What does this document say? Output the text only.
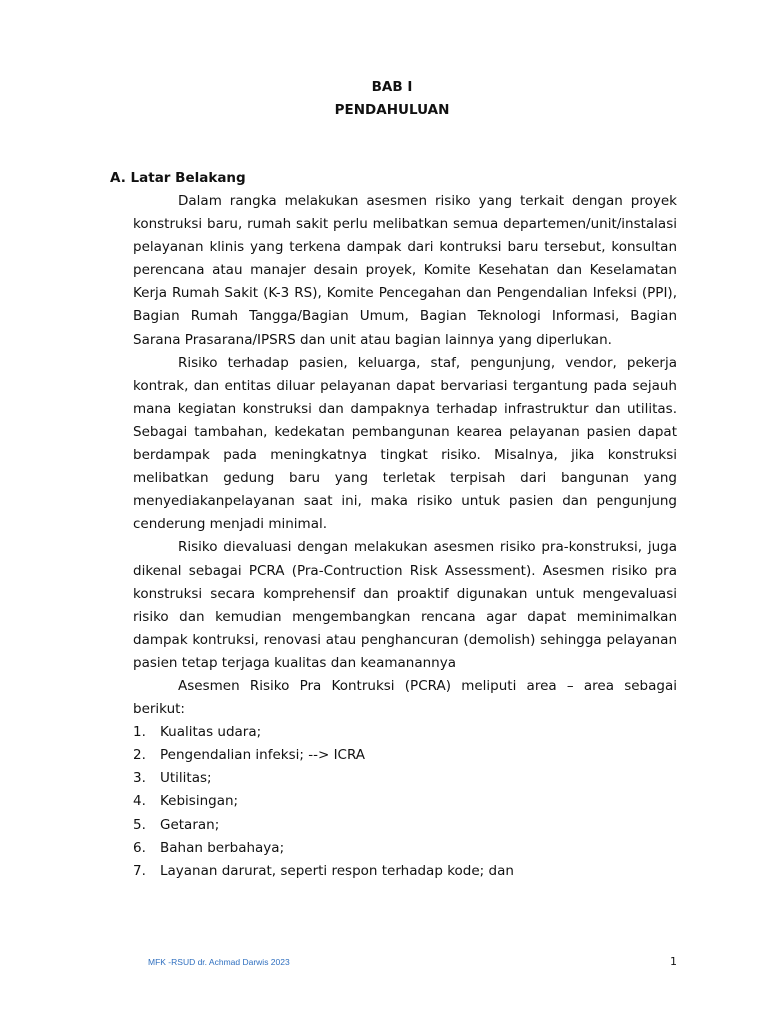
BAB I
PENDAHULUAN
A. Latar Belakang

Dalam rangka melakukan asesmen risiko yang terkait dengan proyek konstruksi baru, rumah sakit perlu melibatkan semua departemen/unit/instalasi pelayanan klinis yang terkena dampak dari kontruksi baru tersebut, konsultan perencana atau manajer desain proyek, Komite Kesehatan dan Keselamatan Kerja Rumah Sakit (K-3 RS), Komite Pencegahan dan Pengendalian Infeksi (PPI), Bagian Rumah Tangga/Bagian Umum, Bagian Teknologi Informasi, Bagian Sarana Prasarana/IPSRS dan unit atau bagian lainnya yang diperlukan.

Risiko terhadap pasien, keluarga, staf, pengunjung, vendor, pekerja kontrak, dan entitas diluar pelayanan dapat bervariasi tergantung pada sejauh mana kegiatan konstruksi dan dampaknya terhadap infrastruktur dan utilitas. Sebagai tambahan, kedekatan pembangunan kearea pelayanan pasien dapat berdampak pada meningkatnya tingkat risiko. Misalnya, jika konstruksi melibatkan gedung baru yang terletak terpisah dari bangunan yang menyediakanpelayanan saat ini, maka risiko untuk pasien dan pengunjung cenderung menjadi minimal.

Risiko dievaluasi dengan melakukan asesmen risiko pra-konstruksi, juga dikenal sebagai PCRA (Pra-Contruction Risk Assessment). Asesmen risiko pra konstruksi secara komprehensif dan proaktif digunakan untuk mengevaluasi risiko dan kemudian mengembangkan rencana agar dapat meminimalkan dampak kontruksi, renovasi atau penghancuran (demolish) sehingga pelayanan pasien tetap terjaga kualitas dan keamanannya

Asesmen Risiko Pra Kontruksi (PCRA) meliputi area – area sebagai berikut:

1.	Kualitas udara;
2.	Pengendalian infeksi; --> ICRA
3.	Utilitas;
4.	Kebisingan;
5.	Getaran;
6.	Bahan berbahaya;
7.	Layanan darurat, seperti respon terhadap kode; dan
MFK -RSUD dr. Achmad Darwis 2023	1
